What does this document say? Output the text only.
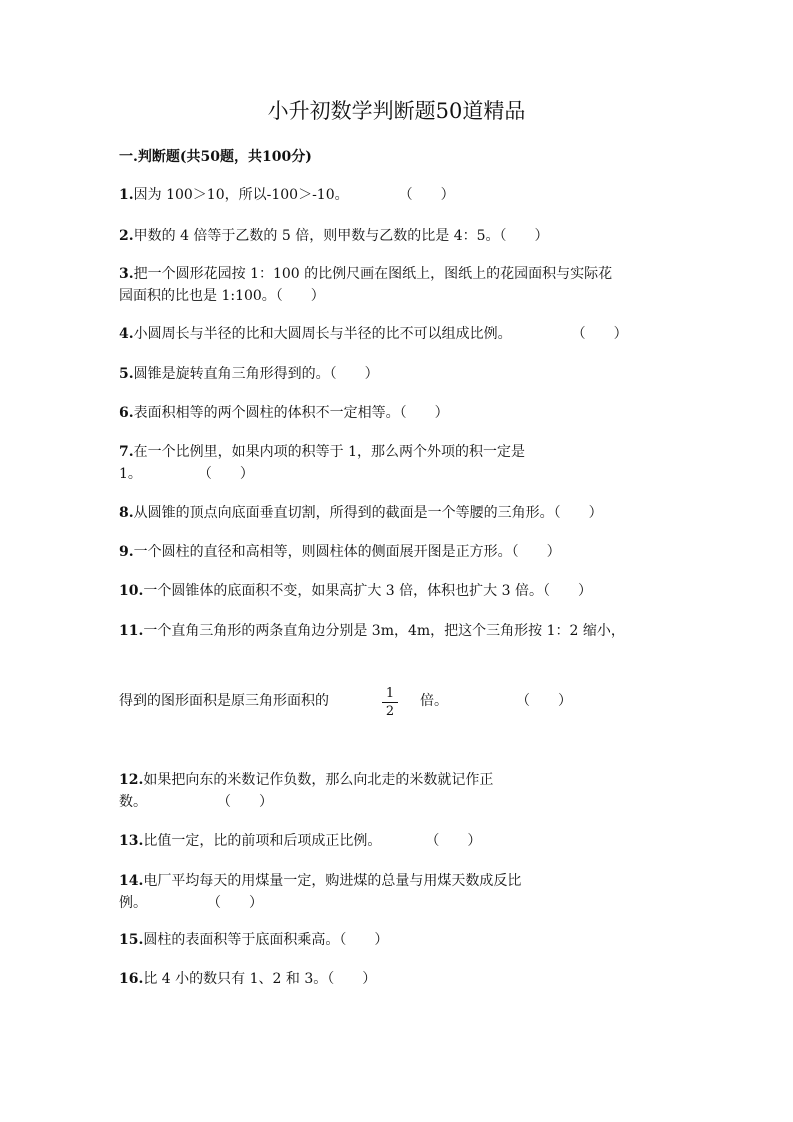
小升初数学判断题50道精品
一.判断题(共50题，共100分)
1.因为 100＞10，所以-100＞-10。	（　　）
2.甲数的 4 倍等于乙数的 5 倍，则甲数与乙数的比是 4：5。（　　）
3.把一个圆形花园按 1：100 的比例尺画在图纸上，图纸上的花园面积与实际花
园面积的比也是 1:100。（　　）
4.小圆周长与半径的比和大圆周长与半径的比不可以组成比例。	（　　）
5.圆锥是旋转直角三角形得到的。（　　）
6.表面积相等的两个圆柱的体积不一定相等。（　　）
7.在一个比例里，如果内项的积等于 1，那么两个外项的积一定是
1。	（　　）
8.从圆锥的顶点向底面垂直切割，所得到的截面是一个等腰的三角形。（　　）
9.一个圆柱的直径和高相等，则圆柱体的侧面展开图是正方形。（　　）
10.一个圆锥体的底面积不变，如果高扩大 3 倍，体积也扩大 3 倍。（　　）
11.一个直角三角形的两条直角边分别是 3m，4m，把这个三角形按 1：2 缩小，
得到的图形面积是原三角形面积的	1
2
倍。	（　　）
12.如果把向东的米数记作负数，那么向北走的米数就记作正
数。	（　　）
13.比值一定，比的前项和后项成正比例。	（　　）
14.电厂平均每天的用煤量一定，购进煤的总量与用煤天数成反比
例。	（　　）
15.圆柱的表面积等于底面积乘高。（　　）
16.比 4 小的数只有 1、2 和 3。（　　）
